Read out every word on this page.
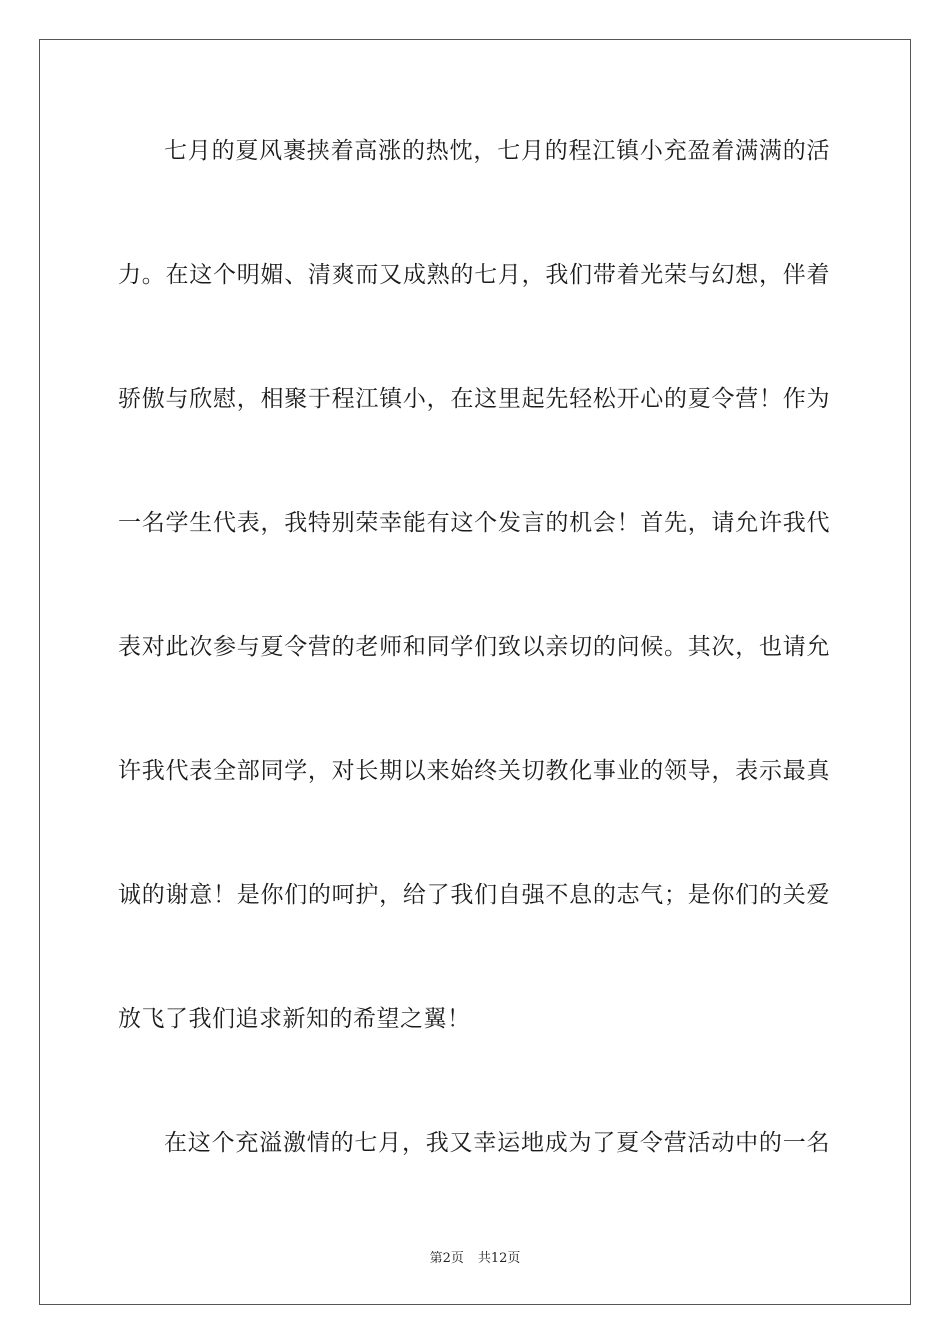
七月的夏风裹挟着高涨的热忱，七月的程江镇小充盈着满满的活
力。在这个明媚、清爽而又成熟的七月，我们带着光荣与幻想，伴着
骄傲与欣慰，相聚于程江镇小，在这里起先轻松开心的夏令营！作为
一名学生代表，我特别荣幸能有这个发言的机会！首先，请允许我代
表对此次参与夏令营的老师和同学们致以亲切的问候。其次，也请允
许我代表全部同学，对长期以来始终关切教化事业的领导，表示最真
诚的谢意！是你们的呵护，给了我们自强不息的志气；是你们的关爱
放飞了我们追求新知的希望之翼！
在这个充溢激情的七月，我又幸运地成为了夏令营活动中的一名
第2页 共12页
